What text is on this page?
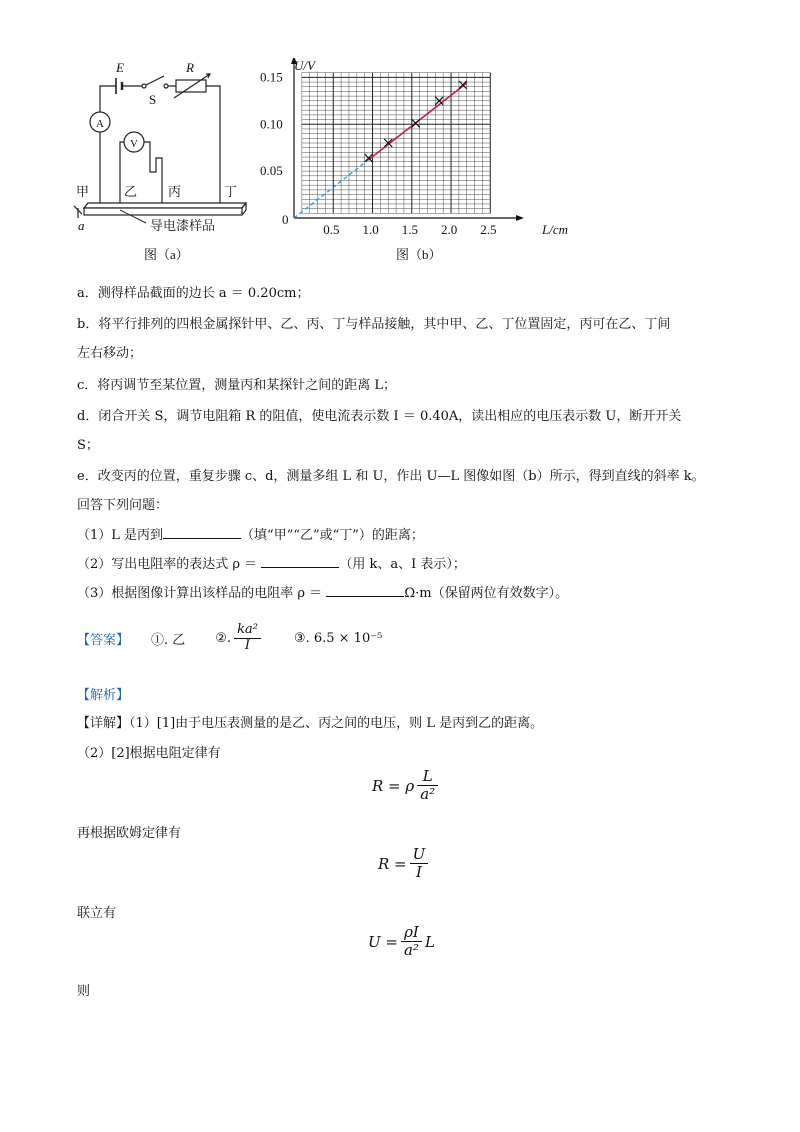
E
S
R
A
V
甲	乙 丙	丁
a	导电漆样品
图（a）
0.5 1.0 1.5 2.0 2.5
0.05
0.10
0.15
U/V
L/cm
0
图（b）
a．测得样品截面的边长 a ＝ 0.20cm；
b．将平行排列的四根金属探针甲、乙、丙、丁与样品接触，其中甲、乙、丁位置固定，丙可在乙、丁间
左右移动；
c．将丙调节至某位置，测量丙和某探针之间的距离 L；
d．闭合开关 S，调节电阻箱 R 的阻值，使电流表示数 I ＝ 0.40A，读出相应的电压表示数 U，断开开关
S；
e．改变丙的位置，重复步骤 c、d，测量多组 L 和 U，作出 U—L 图像如图（b）所示，得到直线的斜率 k。
回答下列问题：
（1）L 是丙到	（填“甲”“乙”或“丁”）的距离；
（2）写出电阻率的表达式 ρ ＝	（用 k、a、I 表示）；
（3）根据图像计算出该样品的电阻率 ρ ＝	Ω·m（保留两位有效数字）。
【答案】 ①. 乙 ②. $\frac{\text{ka²}}{I}$	③. 6.5 × 10⁻⁵
【解析】
【详解】（1）[1]由于电压表测量的是乙、丙之间的电压，则 L 是丙到乙的距离。
（2）[2]根据电阻定律有
R = ρ $\frac{L}{\text{a²}}$
再根据欧姆定律有
$R = \frac{U}{I}$
联立有
$U = \frac{\rho I}{\text{a²}}$ L
则
